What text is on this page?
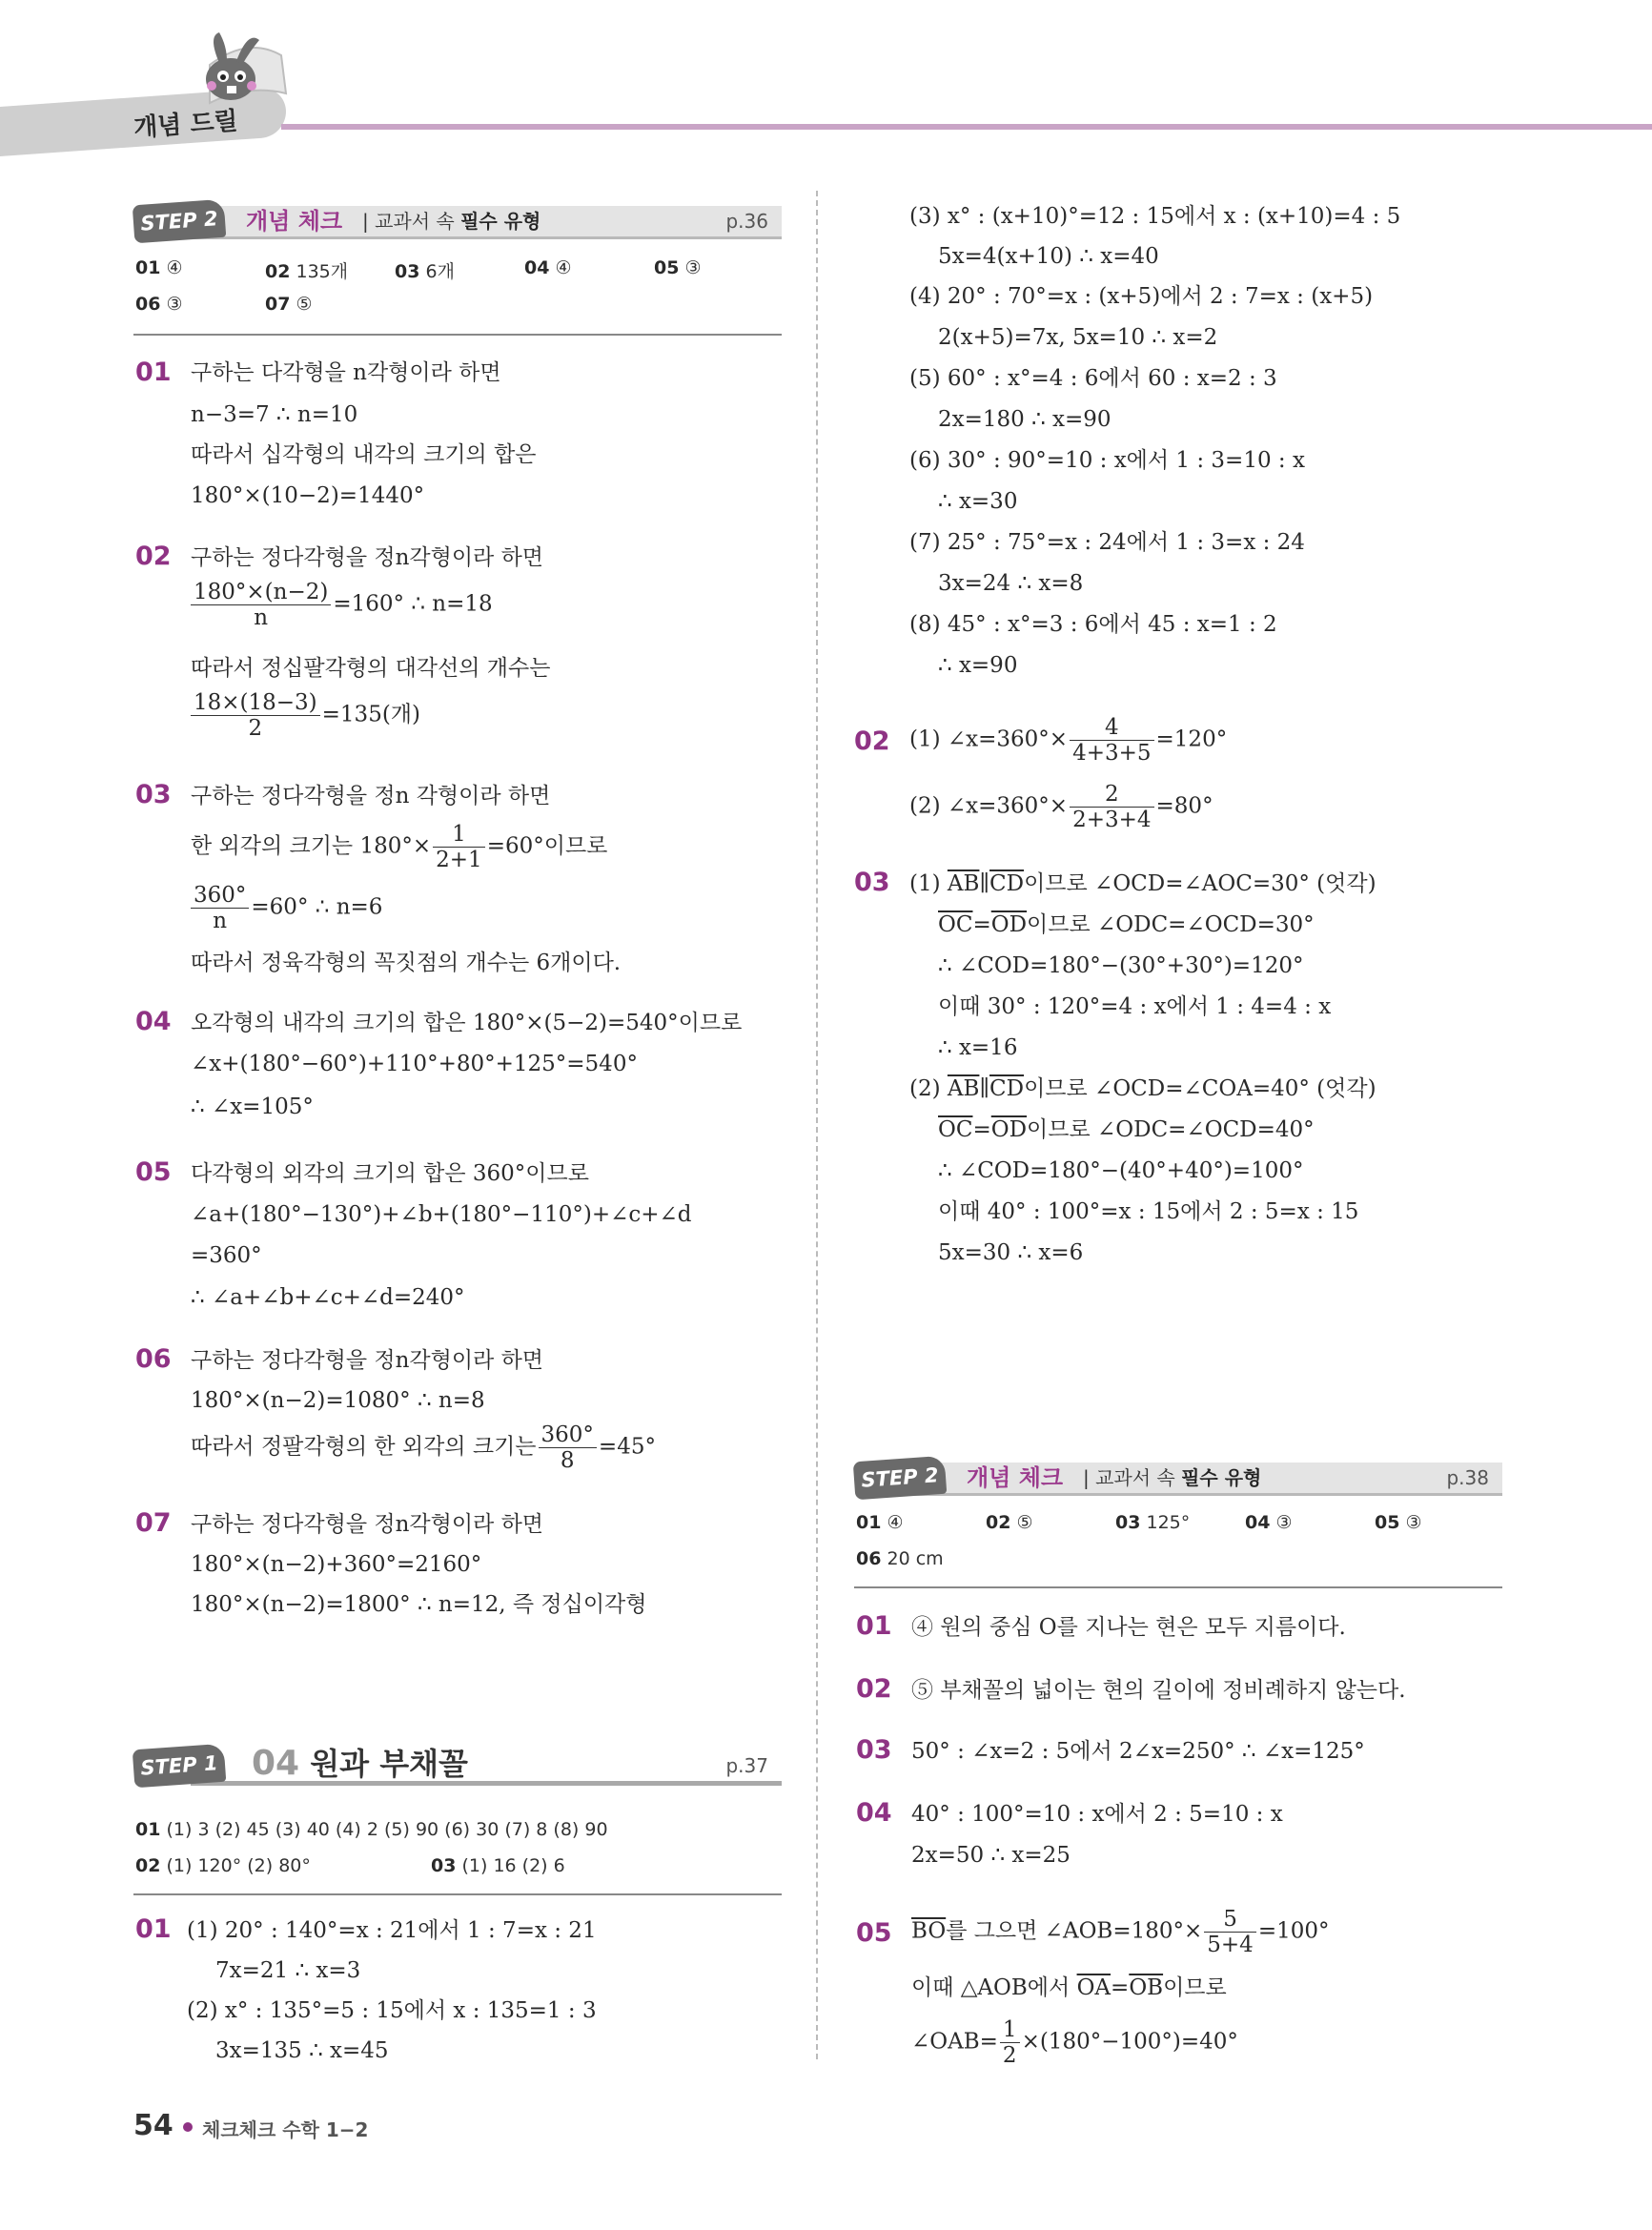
개념 드릴
STEP 2	개념 체크 | 교과서 속 필수 유형	p.36
01 ④	02 135개	03 6개	04 ④	05 ③
06 ③	07 ⑤
01 구하는 다각형을 n각형이라 하면
n−3=7 ∴ n=10
따라서 십각형의 내각의 크기의 합은
180°×(10−2)=1440°
02 구하는 정다각형을 정n각형이라 하면
$\frac{180^\circ\times(n-2)}{n} =160^\circ$ ∴ n=18
따라서 정십팔각형의 대각선의 개수는
$\frac{18\times(18-3)}{2} =135$(개)
03 구하는 정다각형을 정n 각형이라 하면
한 외각의 크기는 $180^\circ\times \frac{1}{2+1} =60^\circ$이므로
$\frac{360^\circ}{n} =60^\circ$ ∴ n=6
따라서 정육각형의 꼭짓점의 개수는 6개이다.
04 오각형의 내각의 크기의 합은 180°×(5−2)=540°이므로
∠x+(180°−60°)+110°+80°+125°=540°
∴ ∠x=105°
05 다각형의 외각의 크기의 합은 360°이므로
∠a+(180°−130°)+∠b+(180°−110°)+∠c+∠d
=360°
∴ ∠a+∠b+∠c+∠d=240°
06 구하는 정다각형을 정n각형이라 하면
180°×(n−2)=1080° ∴ n=8
따라서 정팔각형의 한 외각의 크기는 $\frac{360^\circ}{8} =45^\circ$
07 구하는 정다각형을 정n각형이라 하면
180°×(n−2)+360°=2160°
180°×(n−2)=1800° ∴ n=12, 즉 정십이각형
STEP 1 04 원과 부채꼴	p.37
01 (1) 3 (2) 45 (3) 40 (4) 2 (5) 90 (6) 30 (7) 8 (8) 90
02 (1) 120° (2) 80°	03 (1) 16 (2) 6
01 (1) 20° : 140°=x : 21에서 1 : 7=x : 21
7x=21 ∴ x=3
(2) x° : 135°=5 : 15에서 x : 135=1 : 3
3x=135 ∴ x=45
(3) x° : (x+10)°=12 : 15에서 x : (x+10)=4 : 5
5x=4(x+10) ∴ x=40
(4) 20° : 70°=x : (x+5)에서 2 : 7=x : (x+5)
2(x+5)=7x, 5x=10 ∴ x=2
(5) 60° : x°=4 : 6에서 60 : x=2 : 3
2x=180 ∴ x=90
(6) 30° : 90°=10 : x에서 1 : 3=10 : x
∴ x=30
(7) 25° : 75°=x : 24에서 1 : 3=x : 24
3x=24 ∴ x=8
(8) 45° : x°=3 : 6에서 45 : x=1 : 2
∴ x=90
02 (1) ∠x=360°× $\frac{4}{4+3+5} =120^\circ$
(2) ∠x=360°× $\frac{2}{2+3+4} =80^\circ$
03 (1) $\overline{AB}\parallel\overline{CD}$이므로 ∠OCD=∠AOC=30° (엇각)
$\overline{OC}=\overline{OD}$이므로 ∠ODC=∠OCD=30°
∴ ∠COD=180°−(30°+30°)=120°
이때 30° : 120°=4 : x에서 1 : 4=4 : x
∴ x=16
(2) $\overline{AB}\parallel\overline{CD}$이므로 ∠OCD=∠COA=40° (엇각)
$\overline{OC}=\overline{OD}$이므로 ∠ODC=∠OCD=40°
∴ ∠COD=180°−(40°+40°)=100°
이때 40° : 100°=x : 15에서 2 : 5=x : 15
5x=30 ∴ x=6
STEP 2	개념 체크 | 교과서 속 필수 유형	p.38
01 ④	02 ⑤	03 125°	04 ③	05 ③
06 20 cm
01 ④ 원의 중심 O를 지나는 현은 모두 지름이다.
02 ⑤ 부채꼴의 넓이는 현의 길이에 정비례하지 않는다.
03 50° : ∠x=2 : 5에서 2∠x=250° ∴ ∠x=125°
04 40° : 100°=10 : x에서 2 : 5=10 : x
2x=50 ∴ x=25
05 $\overline{BO}$를 그으면 ∠AOB=180°× $\frac{5}{5+4} =100^\circ$
이때 △AOB에서 $\overline{OA}=\overline{OB}$이므로
∠OAB= $\frac{1}{2} \times(180^\circ-100^\circ)=40^\circ$
54 체크체크 수학 1−2
